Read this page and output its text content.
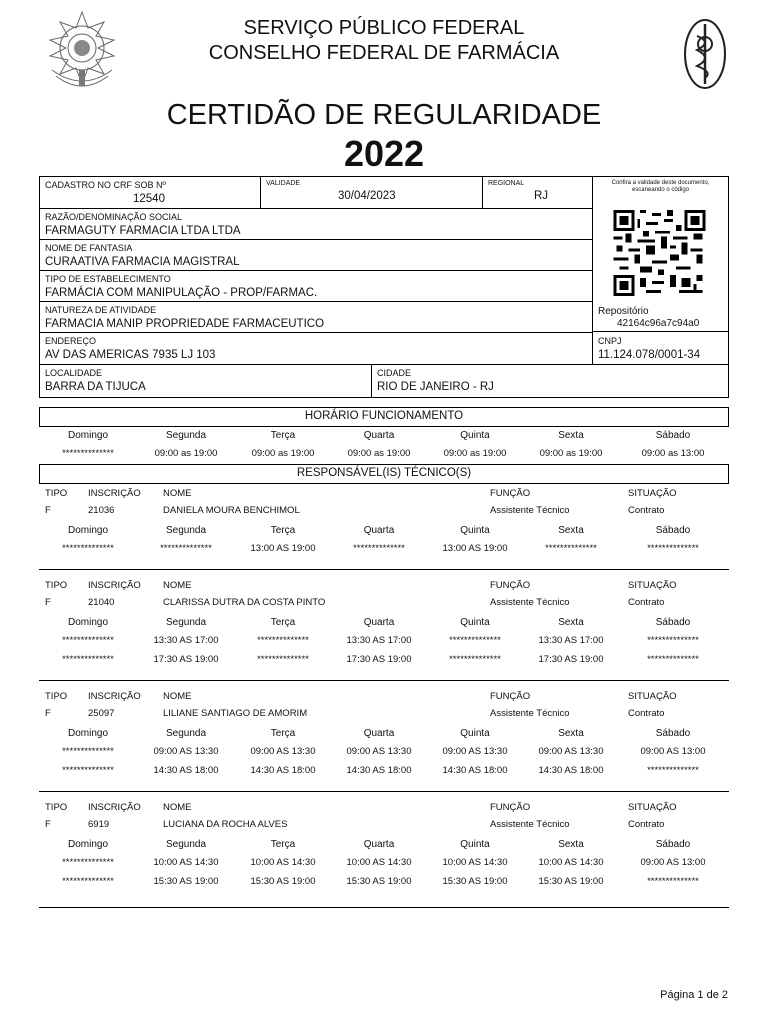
SERVIÇO PÚBLICO FEDERAL
CONSELHO FEDERAL DE FARMÁCIA
CERTIDÃO DE REGULARIDADE
2022
CADASTRO NO CRF SOB Nº
12540
VALIDADE
30/04/2023
REGIONAL
RJ
Confira a validade deste documento, escaneando o código
Repositório
42164c96a7c94a0
RAZÃO/DENOMINAÇÃO SOCIAL
FARMAGUTY FARMACIA LTDA LTDA
NOME DE FANTASIA
CURAATIVA FARMACIA MAGISTRAL
TIPO DE ESTABELECIMENTO
FARMÁCIA COM MANIPULAÇÃO - PROP/FARMAC.
NATUREZA DE ATIVIDADE
FARMACIA MANIP PROPRIEDADE FARMACEUTICO
ENDEREÇO
AV DAS AMERICAS 7935 LJ 103
CNPJ
11.124.078/0001-34
LOCALIDADE
BARRA DA TIJUCA
CIDADE
RIO DE JANEIRO - RJ
HORÁRIO FUNCIONAMENTO
Domingo	Segunda	Terça	Quarta	Quinta	Sexta	Sábado
**************	09:00 as 19:00	09:00 as 19:00	09:00 as 19:00	09:00 as 19:00	09:00 as 19:00	09:00 as 13:00
RESPONSÁVEL(IS) TÉCNICO(S)
TIPO
F
INSCRIÇÃO
21036
NOME
DANIELA MOURA BENCHIMOL
FUNÇÃO
Assistente Técnico
SITUAÇÃO
Contrato
Domingo	Segunda	Terça	Quarta	Quinta	Sexta	Sábado
**************	**************	13:00 AS 19:00	**************	13:00 AS 19:00	**************	**************
TIPO
F
INSCRIÇÃO
21040
NOME
CLARISSA DUTRA DA COSTA PINTO
FUNÇÃO
Assistente Técnico
SITUAÇÃO
Contrato
Domingo	Segunda	Terça	Quarta	Quinta	Sexta	Sábado
**************	13:30 AS 17:00	**************	13:30 AS 17:00	**************	13:30 AS 17:00	**************
**************	17:30 AS 19:00	**************	17:30 AS 19:00	**************	17:30 AS 19:00	**************
TIPO
F
INSCRIÇÃO
25097
NOME
LILIANE SANTIAGO DE AMORIM
FUNÇÃO
Assistente Técnico
SITUAÇÃO
Contrato
Domingo	Segunda	Terça	Quarta	Quinta	Sexta	Sábado
**************	09:00 AS 13:30	09:00 AS 13:30	09:00 AS 13:30	09:00 AS 13:30	09:00 AS 13:30	09:00 AS 13:00
**************	14:30 AS 18:00	14:30 AS 18:00	14:30 AS 18:00	14:30 AS 18:00	14:30 AS 18:00	**************
TIPO
F
INSCRIÇÃO
6919
NOME
LUCIANA DA ROCHA ALVES
FUNÇÃO
Assistente Técnico
SITUAÇÃO
Contrato
Domingo	Segunda	Terça	Quarta	Quinta	Sexta	Sábado
**************	10:00 AS 14:30	10:00 AS 14:30	10:00 AS 14:30	10:00 AS 14:30	10:00 AS 14:30	09:00 AS 13:00
**************	15:30 AS 19:00	15:30 AS 19:00	15:30 AS 19:00	15:30 AS 19:00	15:30 AS 19:00	**************
Página 1 de 2
